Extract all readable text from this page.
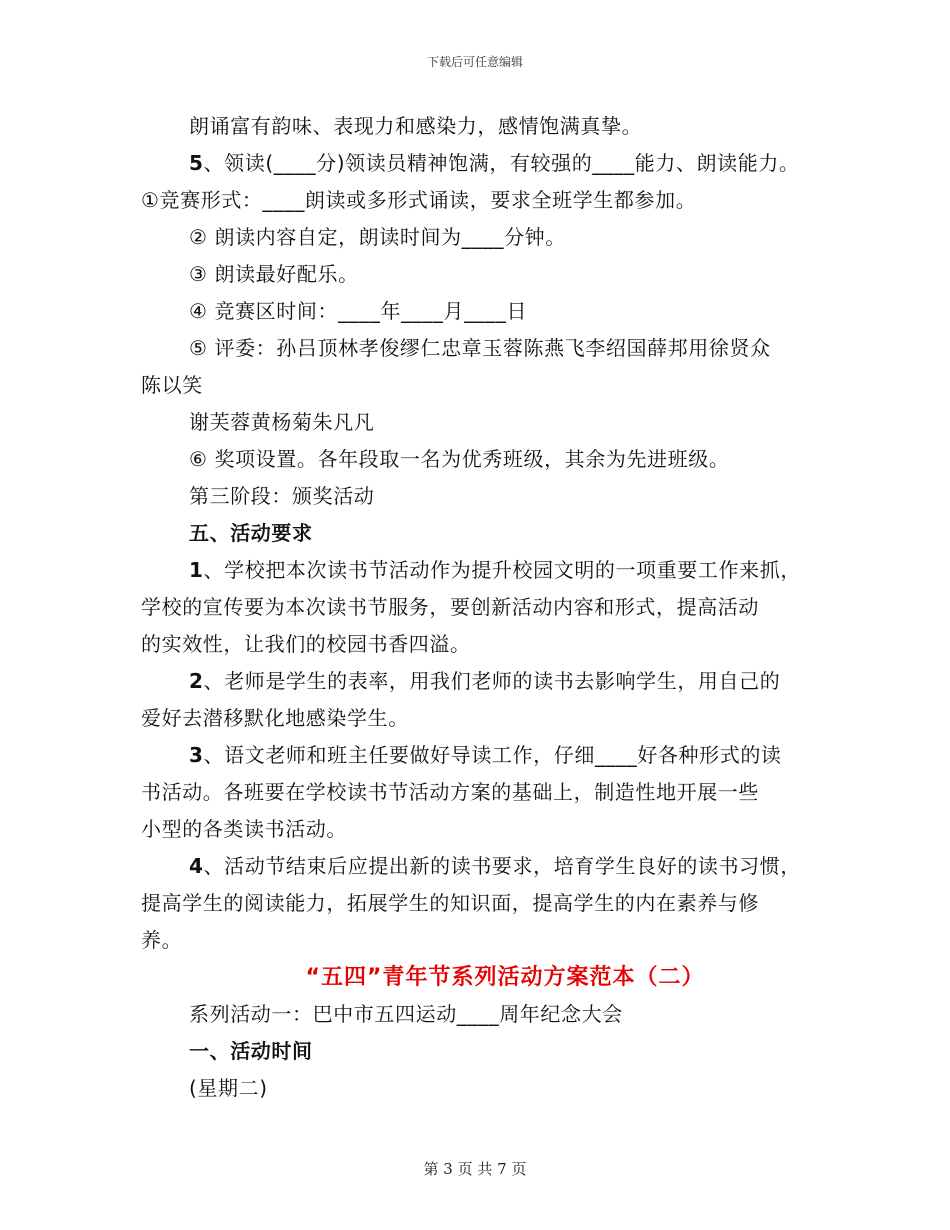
下载后可任意编辑
朗诵富有韵味、表现力和感染力，感情饱满真挚。
5、领读(____分)领读员精神饱满，有较强的____能力、朗读能力。
①竞赛形式：____朗读或多形式诵读，要求全班学生都参加。
② 朗读内容自定，朗读时间为____分钟。
③ 朗读最好配乐。
④ 竞赛区时间：____年____月____日
⑤ 评委：孙吕顶林孝俊缪仁忠章玉蓉陈燕飞李绍国薛邦用徐贤众
陈以笑
谢芙蓉黄杨菊朱凡凡
⑥ 奖项设置。各年段取一名为优秀班级，其余为先进班级。
第三阶段：颁奖活动
五、活动要求
1、学校把本次读书节活动作为提升校园文明的一项重要工作来抓，
学校的宣传要为本次读书节服务，要创新活动内容和形式，提高活动
的实效性，让我们的校园书香四溢。
2、老师是学生的表率，用我们老师的读书去影响学生，用自己的
爱好去潜移默化地感染学生。
3、语文老师和班主任要做好导读工作，仔细____好各种形式的读
书活动。各班要在学校读书节活动方案的基础上，制造性地开展一些
小型的各类读书活动。
4、活动节结束后应提出新的读书要求，培育学生良好的读书习惯，
提高学生的阅读能力，拓展学生的知识面，提高学生的内在素养与修
养。
“五四”青年节系列活动方案范本（二）
系列活动一：巴中市五四运动____周年纪念大会
一、活动时间
(星期二)
第 3 页 共 7 页
